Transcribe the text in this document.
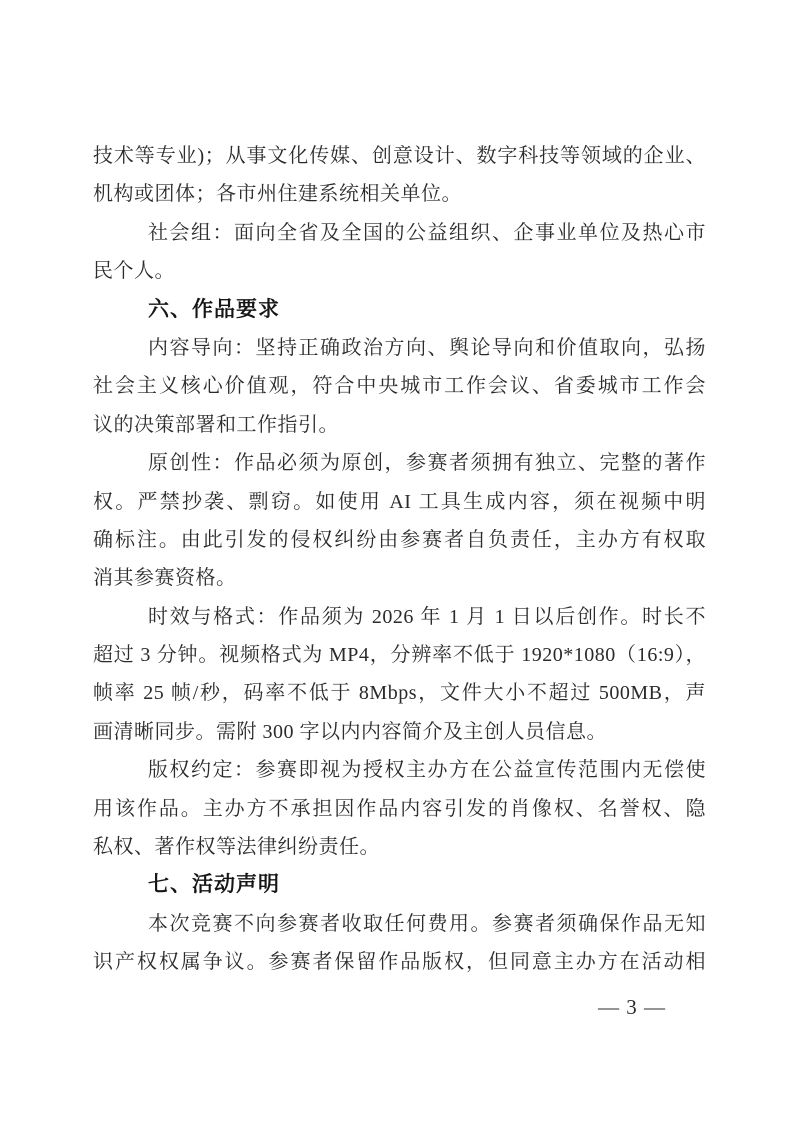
技术等专业)；从事文化传媒、创意设计、数字科技等领域的企业、
机构或团体；各市州住建系统相关单位。
社会组：面向全省及全国的公益组织、企事业单位及热心市
民个人。
六、作品要求
内容导向：坚持正确政治方向、舆论导向和价值取向，弘扬
社会主义核心价值观，符合中央城市工作会议、省委城市工作会
议的决策部署和工作指引。
原创性：作品必须为原创，参赛者须拥有独立、完整的著作
权。严禁抄袭、剽窃。如使用 AI 工具生成内容，须在视频中明
确标注。由此引发的侵权纠纷由参赛者自负责任，主办方有权取
消其参赛资格。
时效与格式：作品须为 2026 年 1 月 1 日以后创作。时长不
超过 3 分钟。视频格式为 MP4，分辨率不低于 1920*1080（16:9），
帧率 25 帧/秒，码率不低于 8Mbps，文件大小不超过 500MB，声
画清晰同步。需附 300 字以内内容简介及主创人员信息。
版权约定：参赛即视为授权主办方在公益宣传范围内无偿使
用该作品。主办方不承担因作品内容引发的肖像权、名誉权、隐
私权、著作权等法律纠纷责任。
七、活动声明
本次竞赛不向参赛者收取任何费用。参赛者须确保作品无知
识产权权属争议。参赛者保留作品版权，但同意主办方在活动相
— 3 —
